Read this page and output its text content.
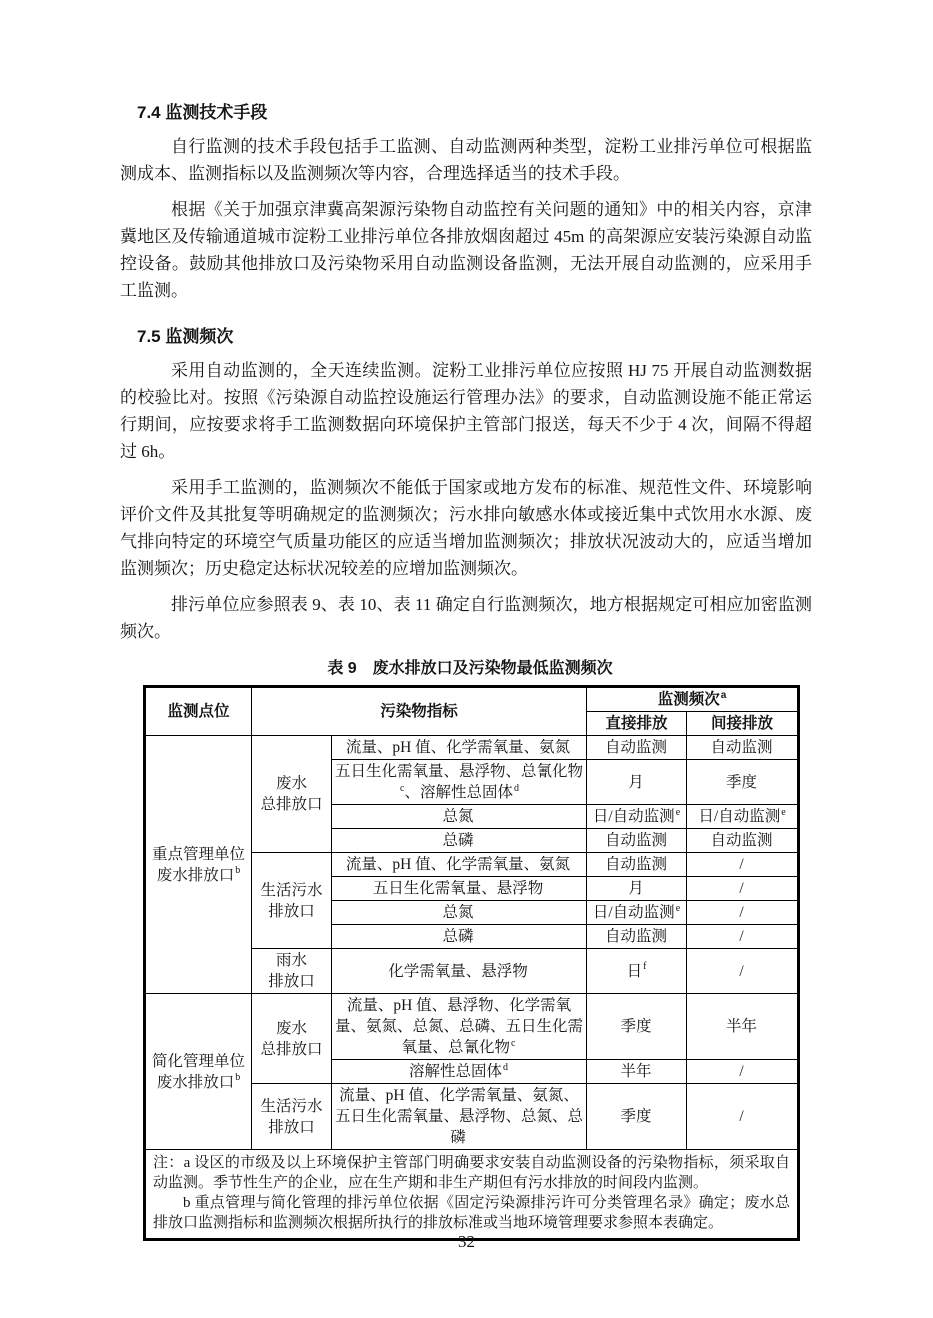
7.4 监测技术手段

自行监测的技术手段包括手工监测、自动监测两种类型，淀粉工业排污单位可根据监测成本、监测指标以及监测频次等内容，合理选择适当的技术手段。

根据《关于加强京津冀高架源污染物自动监控有关问题的通知》中的相关内容，京津冀地区及传输通道城市淀粉工业排污单位各排放烟囱超过 45m 的高架源应安装污染源自动监控设备。鼓励其他排放口及污染物采用自动监测设备监测，无法开展自动监测的，应采用手工监测。

7.5 监测频次

采用自动监测的，全天连续监测。淀粉工业排污单位应按照 HJ 75 开展自动监测数据的校验比对。按照《污染源自动监控设施运行管理办法》的要求，自动监测设施不能正常运行期间，应按要求将手工监测数据向环境保护主管部门报送，每天不少于 4 次，间隔不得超过 6h。

采用手工监测的，监测频次不能低于国家或地方发布的标准、规范性文件、环境影响评价文件及其批复等明确规定的监测频次；污水排向敏感水体或接近集中式饮用水水源、废气排向特定的环境空气质量功能区的应适当增加监测频次；排放状况波动大的，应适当增加监测频次；历史稳定达标状况较差的应增加监测频次。

排污单位应参照表 9、表 10、表 11 确定自行监测频次，地方根据规定可相应加密监测频次。

表 9　废水排放口及污染物最低监测频次
监测点位	污染物指标		监测频次$^a$
			直接排放	间接排放

重点管理单位
废水排放口$^b$	废水
总排放口	流量、pH 值、化学需氧量、氨氮	自动监测	自动监测
		五日生化需氧量、悬浮物、总氰化物$^c$、溶解性总固体$^d$	月	季度
		总氮	日/自动监测$^e$	日/自动监测$^e$
		总磷	自动监测	自动监测

	生活污水
排放口	流量、pH 值、化学需氧量、氨氮	自动监测	/
		五日生化需氧量、悬浮物	月	/
		总氮	日/自动监测$^e$	/
		总磷	自动监测	/

	雨水
排放口	化学需氧量、悬浮物	日$^f$	/

简化管理单位
废水排放口$^b$	废水
总排放口	流量、pH 值、悬浮物、化学需氧量、氨氮、总氮、总磷、五日生化需氧量、总氰化物$^c$	季度	半年
		溶解性总固体$^d$	半年	/

	生活污水
排放口	流量、pH 值、化学需氧量、氨氮、五日生化需氧量、悬浮物、总氮、总磷	季度	/

注：a 设区的市级及以上环境保护主管部门明确要求安装自动监测设备的污染物指标，须采取自动监测。季节性生产的企业，应在生产期和非生产期但有污水排放的时间段内监测。

b 重点管理与简化管理的排污单位依据《固定污染源排污许可分类管理名录》确定；废水总排放口监测指标和监测频次根据所执行的排放标准或当地环境管理要求参照本表确定。				

32
